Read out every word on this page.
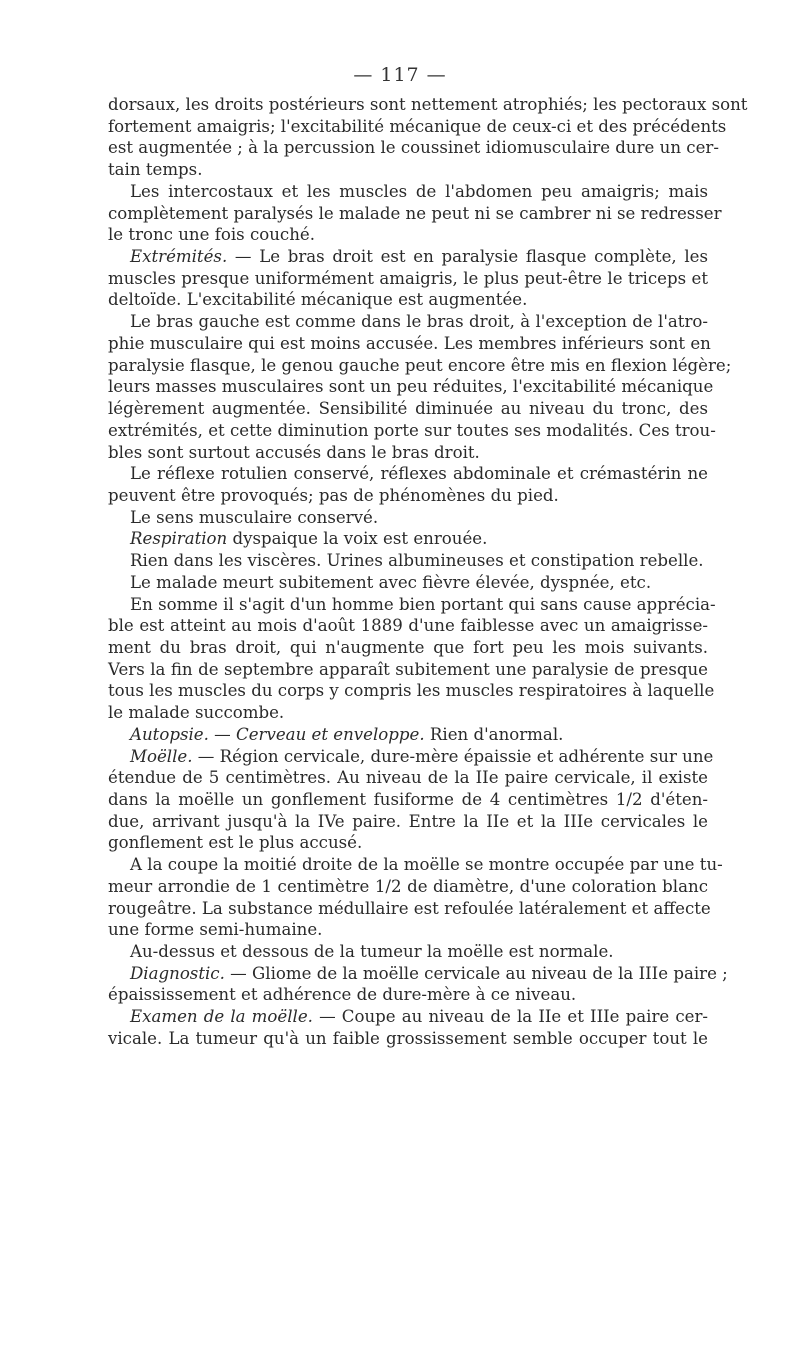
— 117 —
dorsaux, les droits postérieurs sont nettement atrophiés; les pectoraux sont
fortement amaigris; l'excitabilité mécanique de ceux-ci et des précédents
est augmentée ; à la percussion le coussinet idiomusculaire dure un cer-
tain temps.
Les intercostaux et les muscles de l'abdomen peu amaigris; mais
complètement paralysés le malade ne peut ni se cambrer ni se redresser
le tronc une fois couché.
Extrémités. — Le bras droit est en paralysie flasque complète, les
muscles presque uniformément amaigris, le plus peut-être le triceps et
deltoïde. L'excitabilité mécanique est augmentée.
Le bras gauche est comme dans le bras droit, à l'exception de l'atro-
phie musculaire qui est moins accusée. Les membres inférieurs sont en
paralysie flasque, le genou gauche peut encore être mis en flexion légère;
leurs masses musculaires sont un peu réduites, l'excitabilité mécanique
légèrement augmentée. Sensibilité diminuée au niveau du tronc, des
extrémités, et cette diminution porte sur toutes ses modalités. Ces trou-
bles sont surtout accusés dans le bras droit.
Le réflexe rotulien conservé, réflexes abdominale et crémastérin ne
peuvent être provoqués; pas de phénomènes du pied.
Le sens musculaire conservé.
Respiration dyspaique la voix est enrouée.
Rien dans les viscères. Urines albumineuses et constipation rebelle.
Le malade meurt subitement avec fièvre élevée, dyspnée, etc.
En somme il s'agit d'un homme bien portant qui sans cause apprécia-
ble est atteint au mois d'août 1889 d'une faiblesse avec un amaigrisse-
ment du bras droit, qui n'augmente que fort peu les mois suivants.
Vers la fin de septembre apparaît subitement une paralysie de presque
tous les muscles du corps y compris les muscles respiratoires à laquelle
le malade succombe.
Autopsie. — Cerveau et enveloppe. Rien d'anormal.
Moëlle. — Région cervicale, dure-mère épaissie et adhérente sur une
étendue de 5 centimètres. Au niveau de la IIe paire cervicale, il existe
dans la moëlle un gonflement fusiforme de 4 centimètres 1/2 d'éten-
due, arrivant jusqu'à la IVe paire. Entre la IIe et la IIIe cervicales le
gonflement est le plus accusé.
A la coupe la moitié droite de la moëlle se montre occupée par une tu-
meur arrondie de 1 centimètre 1/2 de diamètre, d'une coloration blanc
rougeâtre. La substance médullaire est refoulée latéralement et affecte
une forme semi-humaine.
Au-dessus et dessous de la tumeur la moëlle est normale.
Diagnostic. — Gliome de la moëlle cervicale au niveau de la IIIe paire ;
épaississement et adhérence de dure-mère à ce niveau.
Examen de la moëlle. — Coupe au niveau de la IIe et IIIe paire cer-
vicale. La tumeur qu'à un faible grossissement semble occuper tout le
